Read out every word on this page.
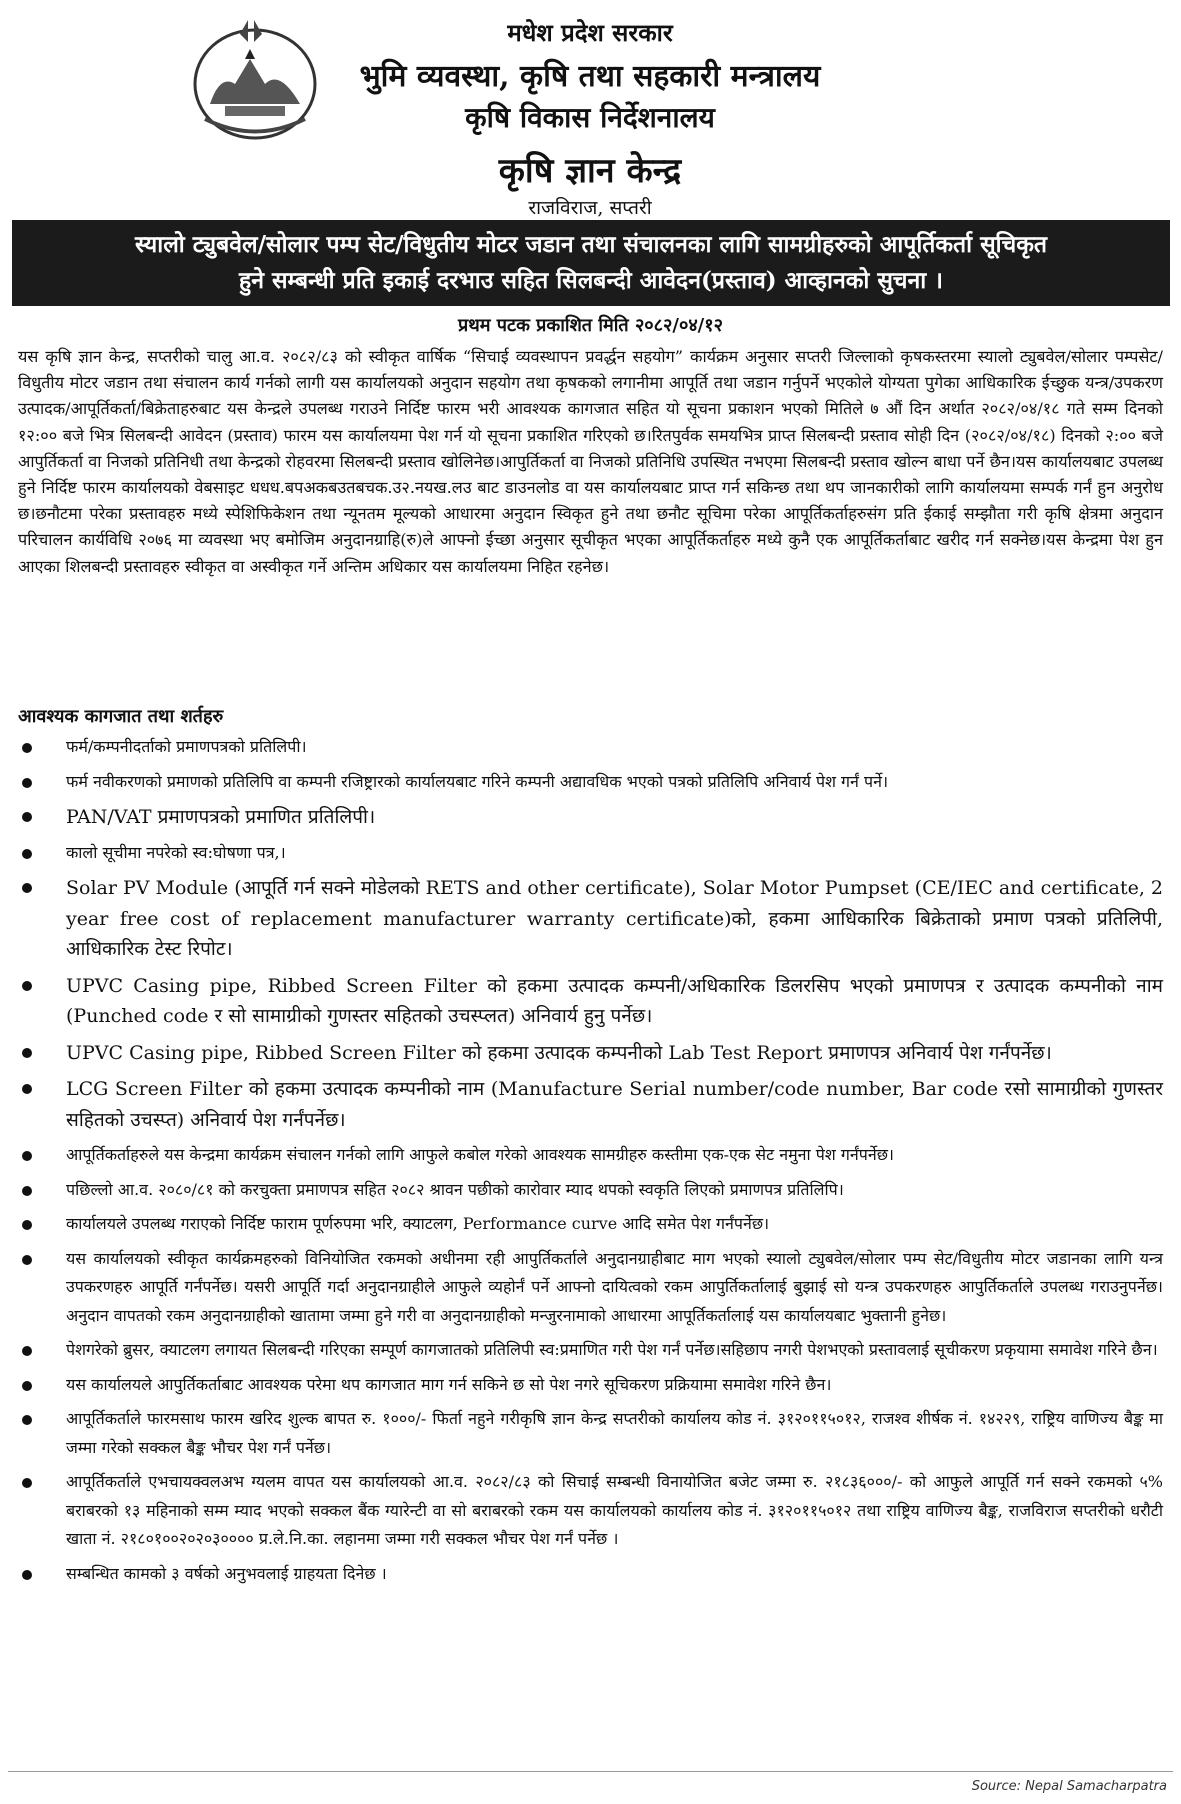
मधेश प्रदेश सरकार
भुमि व्यवस्था, कृषि तथा सहकारी मन्त्रालय
कृषि विकास निर्देशनालय
कृषि ज्ञान केन्द्र
राजविराज, सप्तरी
स्यालो ट्युबवेल/सोलार पम्प सेट/विधुतीय मोटर जडान तथा संचालनका लागि सामग्रीहरुको आपूर्तिकर्ता सूचिकृत
हुने सम्बन्धी प्रति इकाई दरभाउ सहित सिलबन्दी आवेदन(प्रस्ताव) आव्हानको सुचना ।
प्रथम पटक प्रकाशित मिति २०८२/०४/१२
यस कृषि ज्ञान केन्द्र, सप्तरीको चालु आ.व. २०८२/८३ को स्वीकृत वार्षिक “सिचाई व्यवस्थापन प्रवर्द्धन सहयोग” कार्यक्रम अनुसार सप्तरी जिल्लाको कृषकस्तरमा स्यालो ट्युबवेल/सोलार पम्पसेट/ विधुतीय मोटर जडान तथा संचालन कार्य गर्नको लागी यस कार्यालयको अनुदान सहयोग तथा कृषकको लगानीमा आपूर्ति तथा जडान गर्नुपर्ने भएकोले योग्यता पुगेका आधिकारिक ईच्छुक यन्त्र/उपकरण उत्पादक/आपूर्तिकर्ता/बिक्रेताहरुबाट यस केन्द्रले उपलब्ध गराउने निर्दिष्ट फारम भरी आवश्यक कागजात सहित यो सूचना प्रकाशन भएको मितिले ७ औं दिन अर्थात २०८२/०४/१८ गते सम्म दिनको १२:०० बजे भित्र सिलबन्दी आवेदन (प्रस्ताव) फारम यस कार्यालयमा पेश गर्न यो सूचना प्रकाशित गरिएको छ।रितपुर्वक समयभित्र प्राप्त सिलबन्दी प्रस्ताव सोही दिन (२०८२/०४/१८) दिनको २:०० बजे आपुर्तिकर्ता वा निजको प्रतिनिधी तथा केन्द्रको रोहवरमा सिलबन्दी प्रस्ताव खोलिनेछ।आपुर्तिकर्ता वा निजको प्रतिनिधि उपस्थित नभएमा सिलबन्दी प्रस्ताव खोल्न बाधा पर्ने छैन।यस कार्यालयबाट उपलब्ध हुने निर्दिष्ट फारम कार्यालयको वेबसाइट धधध.बपअकबउतबचक.उ२.नयख.लउ बाट डाउनलोड वा यस कार्यालयबाट प्राप्त गर्न सकिन्छ तथा थप जानकारीको लागि कार्यालयमा सम्पर्क गर्नं हुन अनुरोध छ।छनौटमा परेका प्रस्तावहरु मध्ये स्पेशिफिकेशन तथा न्यूनतम मूल्यको आधारमा अनुदान स्विकृत हुने तथा छनौट सूचिमा परेका आपूर्तिकर्ताहरुसंग प्रति ईकाई सम्झौता गरी कृषि क्षेत्रमा अनुदान परिचालन कार्यविधि २०७६ मा व्यवस्था भए बमोजिम अनुदानग्राहि(रु)ले आफ्नो ईच्छा अनुसार सूचीकृत भएका आपूर्तिकर्ताहरु मध्ये कुनै एक आपूर्तिकर्ताबाट खरीद गर्न सक्नेछ।यस केन्द्रमा पेश हुन आएका शिलबन्दी प्रस्तावहरु स्वीकृत वा अस्वीकृत गर्ने अन्तिम अधिकार यस कार्यालयमा निहित रहनेछ।
आवश्यक कागजात तथा शर्तहरु
फर्म/कम्पनीदर्ताको प्रमाणपत्रको प्रतिलिपी।
फर्म नवीकरणको प्रमाणको प्रतिलिपि वा कम्पनी रजिष्ट्रारको कार्यालयबाट गरिने कम्पनी अद्यावधिक भएको पत्रको प्रतिलिपि अनिवार्य पेश गर्नं पर्ने।
PAN/VAT प्रमाणपत्रको प्रमाणित प्रतिलिपी।
कालो सूचीमा नपरेको स्व:घोषणा पत्र,।
Solar PV Module (आपूर्ति गर्न सक्ने मोडेलको RETS and other certificate), Solar Motor Pumpset (CE/IEC and certificate, 2 year free cost of replacement manufacturer warranty certificate)को, हकमा आधिकारिक बिक्रेताको प्रमाण पत्रको प्रतिलिपी, आधिकारिक टेस्ट रिपोट।
UPVC Casing pipe, Ribbed Screen Filter को हकमा उत्पादक कम्पनी/अधिकारिक डिलरसिप भएको प्रमाणपत्र र उत्पादक कम्पनीको नाम (Punched code र सो सामाग्रीको गुणस्तर सहितको उचस्प्लत) अनिवार्य हुनु पर्नेछ।
UPVC Casing pipe, Ribbed Screen Filter को हकमा उत्पादक कम्पनीको Lab Test Report प्रमाणपत्र अनिवार्य पेश गर्नंपर्नेछ।
LCG Screen Filter को हकमा उत्पादक कम्पनीको नाम (Manufacture Serial number/code number, Bar code रसो सामाग्रीको गुणस्तर सहितको उचस्प्त) अनिवार्य पेश गर्नंपर्नेछ।
आपूर्तिकर्ताहरुले यस केन्द्रमा कार्यक्रम संचालन गर्नको लागि आफुले कबोल गरेको आवश्यक सामग्रीहरु कस्तीमा एक-एक सेट नमुना पेश गर्नंपर्नेछ।
पछिल्लो आ.व. २०८०/८१ को करचुक्ता प्रमाणपत्र सहित २०८२ श्रावन पछीको कारोवार म्याद थपको स्वकृति लिएको प्रमाणपत्र प्रतिलिपि।
कार्यालयले उपलब्ध गराएको निर्दिष्ट फाराम पूर्णरुपमा भरि, क्याटलग, Performance curve आदि समेत पेश गर्नंपर्नेछ।
यस कार्यालयको स्वीकृत कार्यक्रमहरुको विनियोजित रकमको अधीनमा रही आपुर्तिकर्ताले अनुदानग्राहीबाट माग भएको स्यालो ट्युबवेल/सोलार पम्प सेट/विधुतीय मोटर जडानका लागि यन्त्र उपकरणहरु आपूर्ति गर्नंपर्नेछ। यसरी आपूर्ति गर्दा अनुदानग्राहीले आफुले व्यहोर्नं पर्ने आफ्नो दायित्वको रकम आपुर्तिकर्तालाई बुझाई सो यन्त्र उपकरणहरु आपुर्तिकर्ताले उपलब्ध गराउनुपर्नेछ। अनुदान वापतको रकम अनुदानग्राहीको खातामा जम्मा हुने गरी वा अनुदानग्राहीको मन्जुरनामाको आधारमा आपूर्तिकर्तालाई यस कार्यालयबाट भुक्तानी हुनेछ।
पेशगरेको ब्रुसर, क्याटलग लगायत सिलबन्दी गरिएका सम्पूर्ण कागजातको प्रतिलिपी स्व:प्रमाणित गरी पेश गर्नं पर्नेछ।सहिछाप नगरी पेशभएको प्रस्तावलाई सूचीकरण प्रकृयामा समावेश गरिने छैन।
यस कार्यालयले आपुर्तिकर्ताबाट आवश्यक परेमा थप कागजात माग गर्न सकिने छ सो पेश नगरे सूचिकरण प्रक्रियामा समावेश गरिने छैन।
आपूर्तिकर्ताले फारमसाथ फारम खरिद शुल्क बापत रु. १०००/- फिर्ता नहुने गरीकृषि ज्ञान केन्द्र सप्तरीको कार्यालय कोड नं. ३१२०११५०१२, राजश्व शीर्षक नं. १४२२९, राष्ट्रिय वाणिज्य बैङ्क मा जम्मा गरेको सक्कल बैङ्क भौचर पेश गर्नं पर्नेछ।
आपूर्तिकर्ताले एभचायक्वलअभ ग्यलम वापत यस कार्यालयको आ.व. २०८२/८३ को सिचाई सम्बन्धी विनायोजित बजेट जम्मा रु. २१८३६०००/- को आफुले आपूर्ति गर्न सक्ने रकमको ५% बराबरको १३ महिनाको सम्म म्याद भएको सक्कल बैंक ग्यारेन्टी वा सो बराबरको रकम यस कार्यालयको कार्यालय कोड नं. ३१२०११५०१२ तथा राष्ट्रिय वाणिज्य बैङ्क, राजविराज सप्तरीको धरौटी खाता नं. २१८०१००२०२०३०००० प्र.ले.नि.का. लहानमा जम्मा गरी सक्कल भौचर पेश गर्नं पर्नेछ ।
सम्बन्धित कामको ३ वर्षको अनुभवलाई ग्राहयता दिनेछ ।
Source: Nepal Samacharpatra
